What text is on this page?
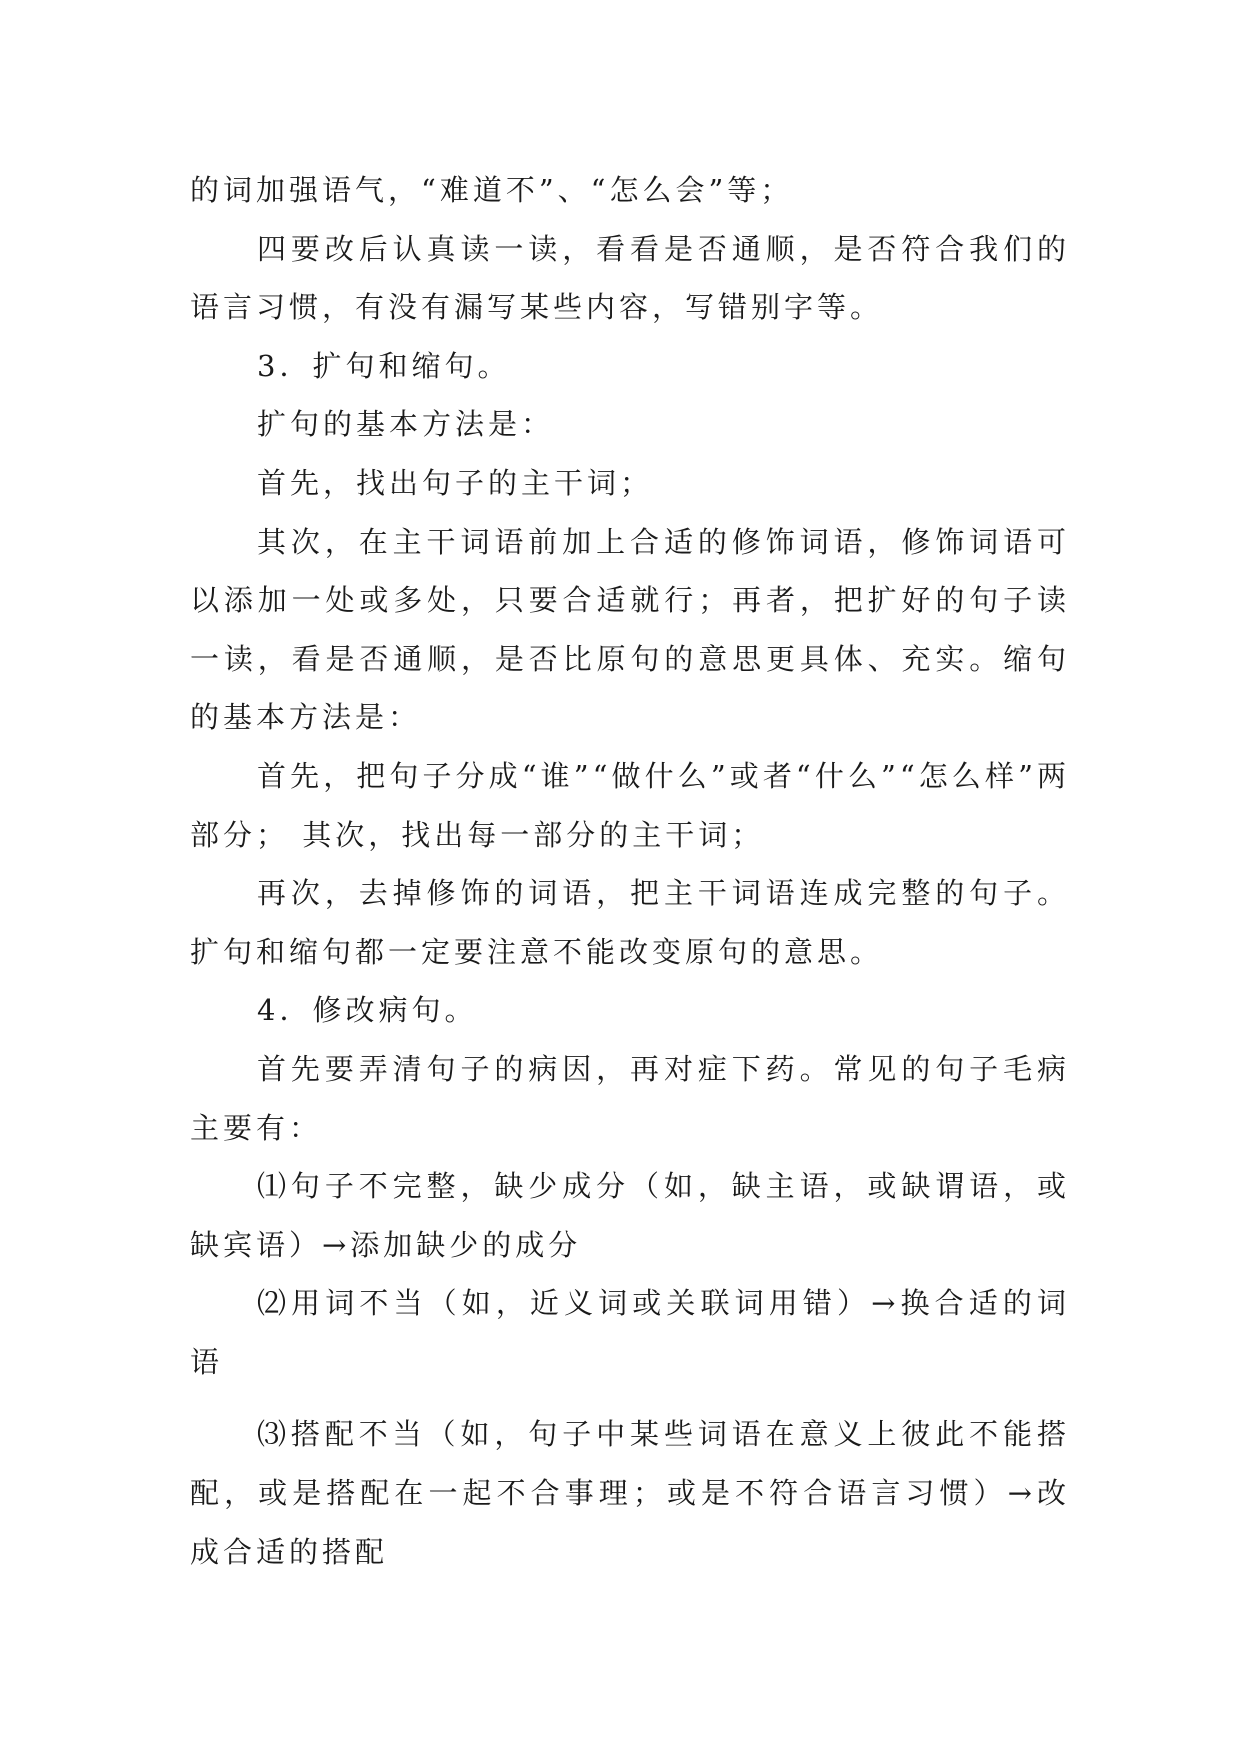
的词加强语气，“难道不”、“怎么会”等；

四要改后认真读一读，看看是否通顺，是否符合我们的语言习惯，有没有漏写某些内容，写错别字等。

3．扩句和缩句。

扩句的基本方法是：

首先，找出句子的主干词；

其次，在主干词语前加上合适的修饰词语，修饰词语可以添加一处或多处，只要合适就行；再者，把扩好的句子读一读，看是否通顺，是否比原句的意思更具体、充实。缩句的基本方法是：

首先，把句子分成“谁”“做什么”或者“什么”“怎么样”两部分； 其次，找出每一部分的主干词；

再次，去掉修饰的词语，把主干词语连成完整的句子。扩句和缩句都一定要注意不能改变原句的意思。

4．修改病句。

首先要弄清句子的病因，再对症下药。常见的句子毛病主要有：

⑴句子不完整，缺少成分（如，缺主语，或缺谓语，或缺宾语）→添加缺少的成分

⑵用词不当（如，近义词或关联词用错）→换合适的词语

⑶搭配不当（如，句子中某些词语在意义上彼此不能搭配，或是搭配在一起不合事理；或是不符合语言习惯）→改成合适的搭配
